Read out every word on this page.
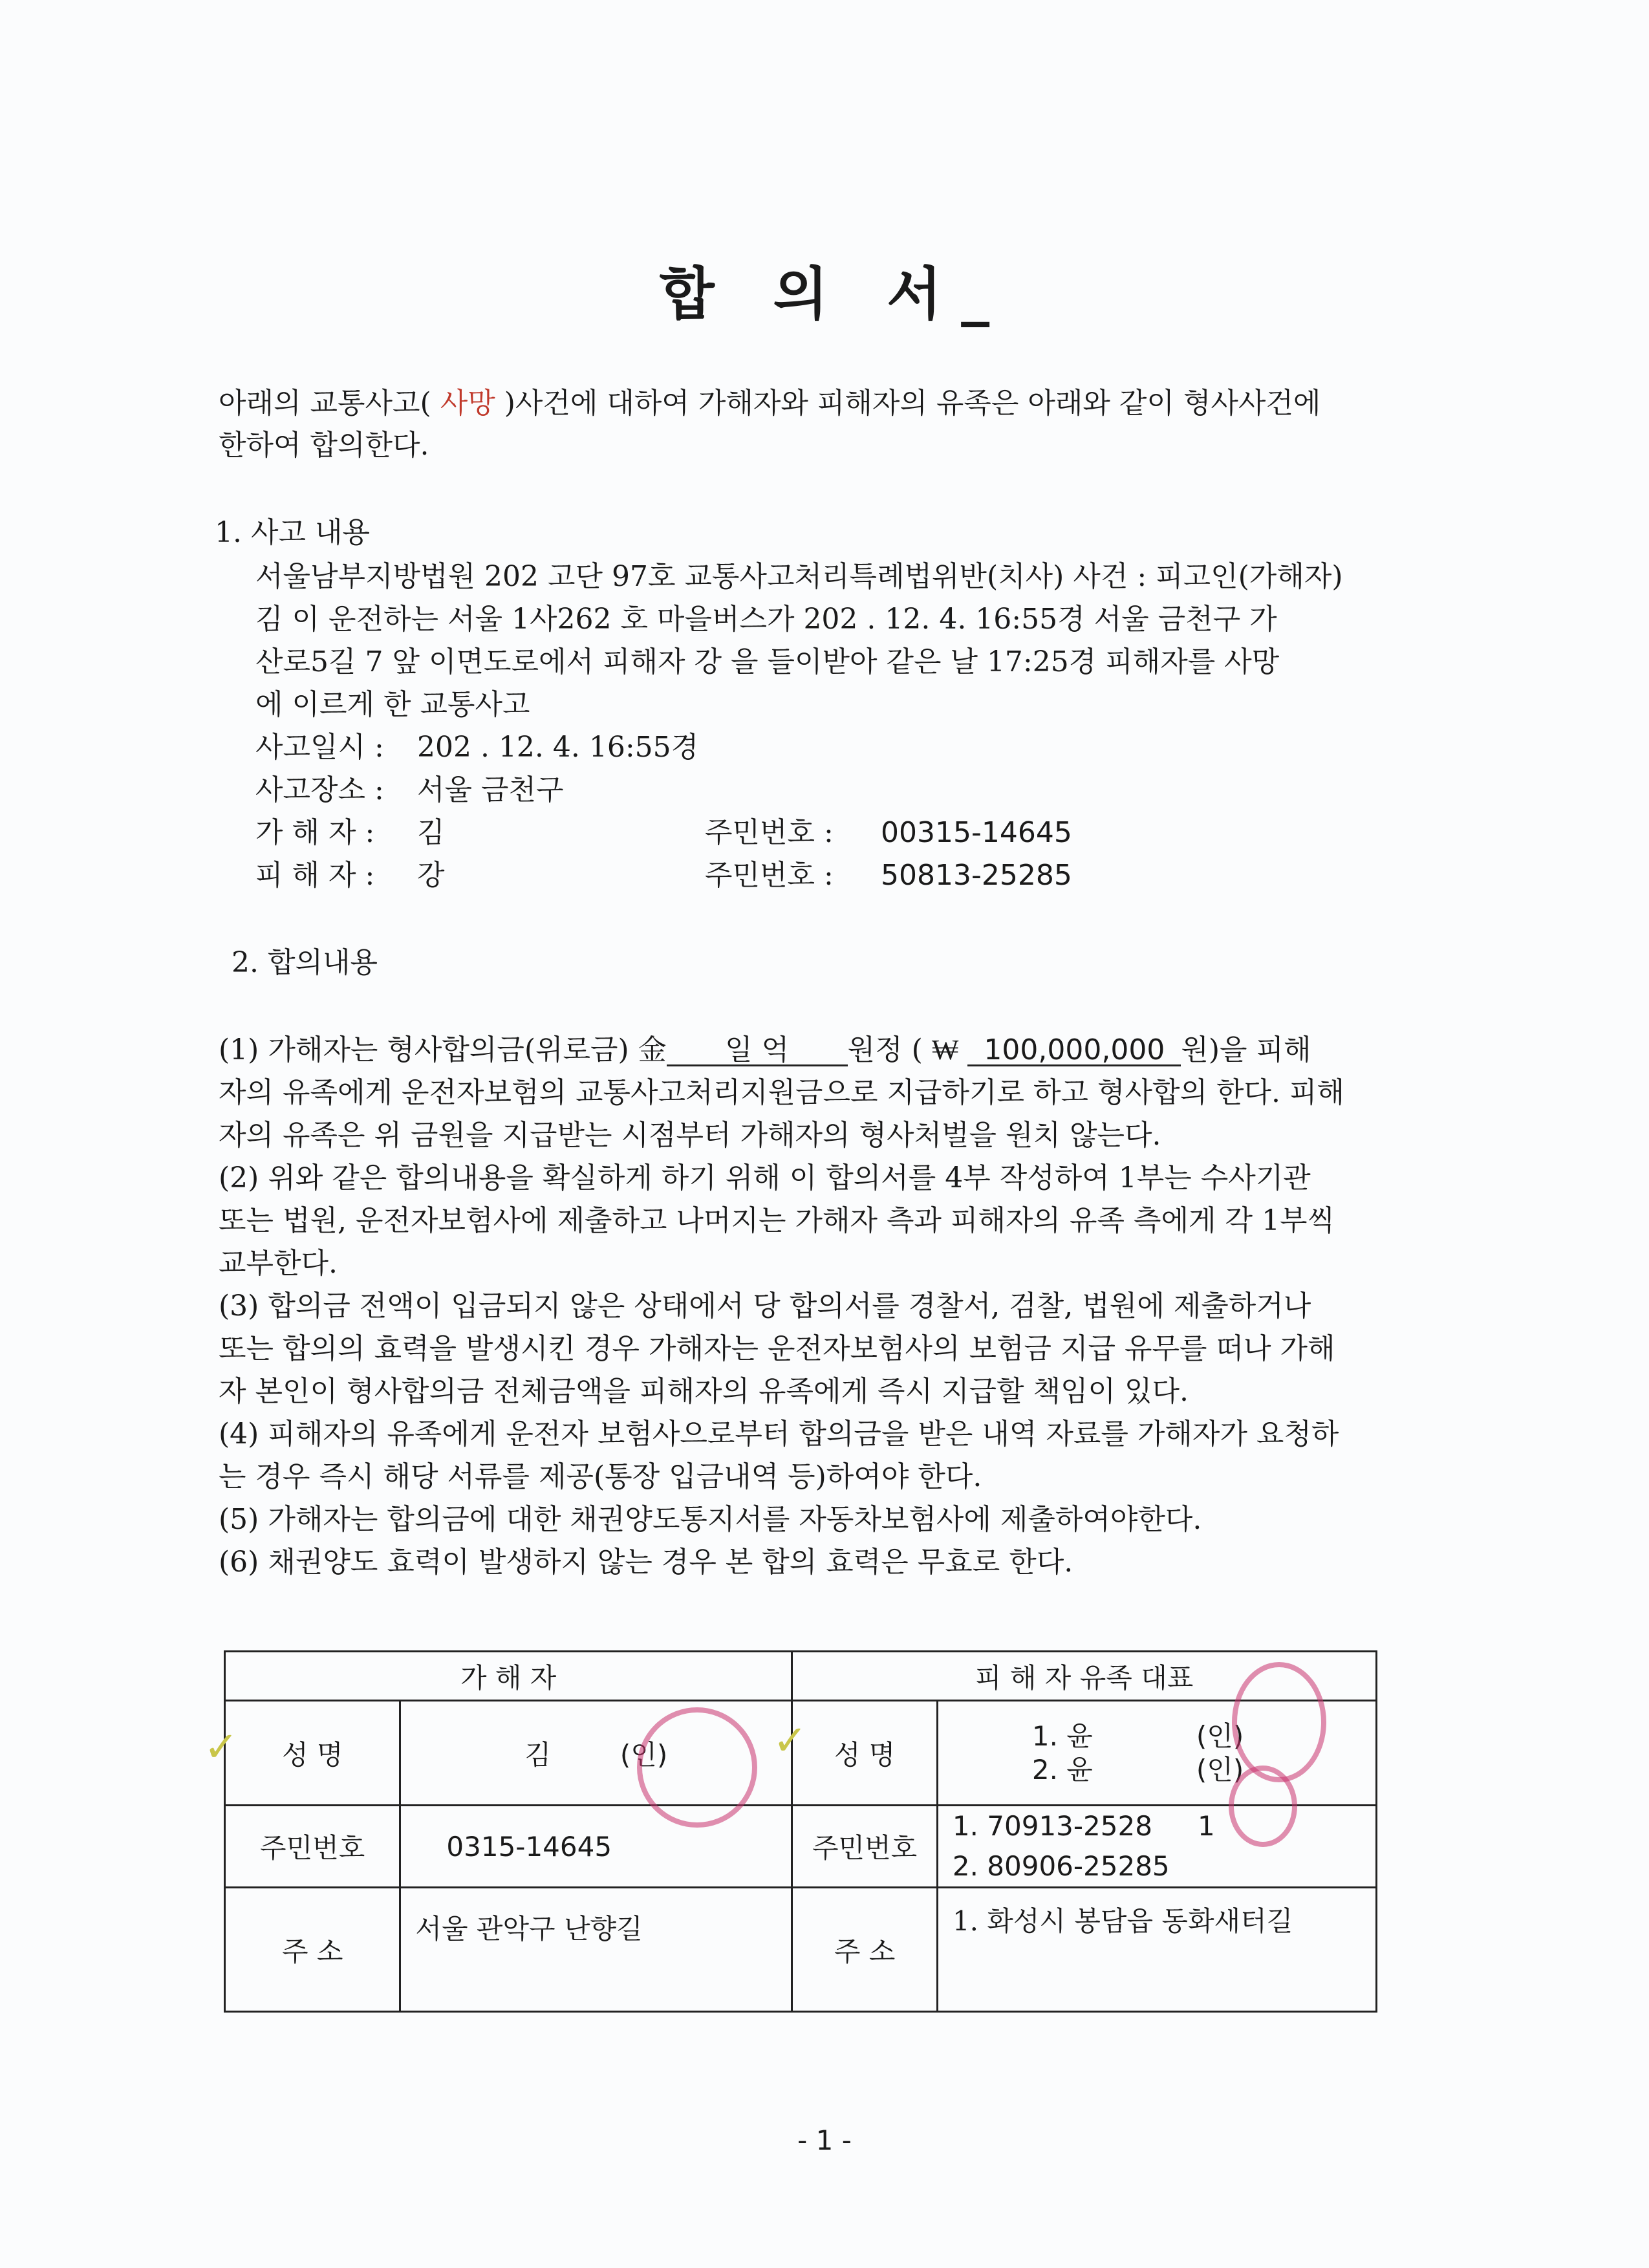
합 의 서_
아래의 교통사고( 사망 )사건에 대하여 가해자와 피해자의 유족은 아래와 같이 형사사건에
한하여 합의한다.
1. 사고 내용
서울남부지방법원 202 고단 97호 교통사고처리특례법위반(치사) 사건 : 피고인(가해자)
김 이 운전하는 서울 1사262 호 마을버스가 202 . 12. 4. 16:55경 서울 금천구 가
산로5길 7 앞 이면도로에서 피해자 강 을 들이받아 같은 날 17:25경 피해자를 사망
에 이르게 한 교통사고
사고일시 : 202 . 12. 4. 16:55경
사고장소 : 서울 금천구
가 해 자 : 김	주민번호 : 00315-14645
피 해 자 : 강	주민번호 : 50813-25285
2. 합의내용
(1) 가해자는 형사합의금(위로금) 金 일 억 원정 ( ₩ 100,000,000 원)을 피해
자의 유족에게 운전자보험의 교통사고처리지원금으로 지급하기로 하고 형사합의 한다. 피해
자의 유족은 위 금원을 지급받는 시점부터 가해자의 형사처벌을 원치 않는다.
(2) 위와 같은 합의내용을 확실하게 하기 위해 이 합의서를 4부 작성하여 1부는 수사기관
또는 법원, 운전자보험사에 제출하고 나머지는 가해자 측과 피해자의 유족 측에게 각 1부씩
교부한다.
(3) 합의금 전액이 입금되지 않은 상태에서 당 합의서를 경찰서, 검찰, 법원에 제출하거나
또는 합의의 효력을 발생시킨 경우 가해자는 운전자보험사의 보험금 지급 유무를 떠나 가해
자 본인이 형사합의금 전체금액을 피해자의 유족에게 즉시 지급할 책임이 있다.
(4) 피해자의 유족에게 운전자 보험사으로부터 합의금을 받은 내역 자료를 가해자가 요청하
는 경우 즉시 해당 서류를 제공(통장 입금내역 등)하여야 한다.
(5) 가해자는 합의금에 대한 채권양도통지서를 자동차보험사에 제출하여야한다.
(6) 채권양도 효력이 발생하지 않는 경우 본 합의 효력은 무효로 한다.
가 해 자		피 해 자 유족 대표	
성 명	김 (인)	성 명	1. 윤 (인)
2. 윤 (인)

주민번호	0315-14645	주민번호	1. 70913-2528 1
2. 80906-25285

주 소	서울 관악구 난향길	주 소	1. 화성시 봉담읍 동화새터길
✓	✓
- 1 -
